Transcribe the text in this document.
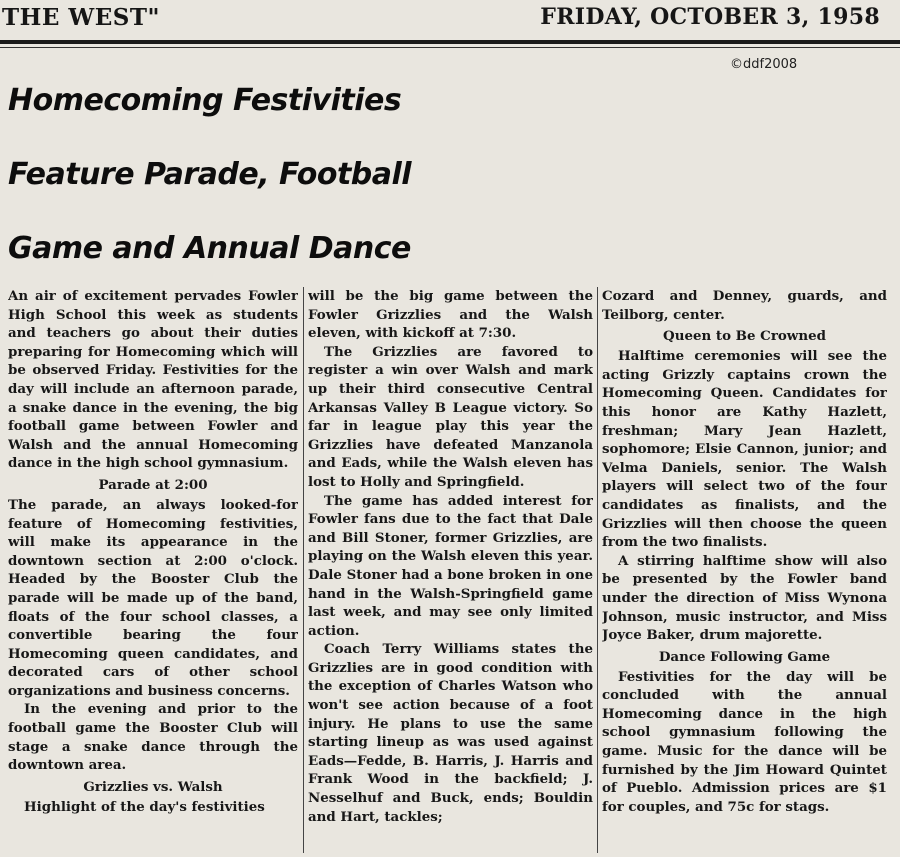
THE WEST"	FRIDAY, OCTOBER 3, 1958
©ddf2008
Homecoming Festivities
Feature Parade, Football
Game and Annual Dance

An air of excitement pervades Fowler High School this week as students and teachers go about their duties preparing for Homecoming which will be observed Friday. Festivities for the day will include an afternoon parade, a snake dance in the evening, the big football game between Fowler and Walsh and the annual Homecoming dance in the high school gymnasium.

Parade at 2:00

The parade, an always looked-for feature of Homecoming festivities, will make its appearance in the downtown section at 2:00 o'clock. Headed by the Booster Club the parade will be made up of the band, floats of the four school classes, a convertible bearing the four Homecoming queen candidates, and decorated cars of other school organizations and business concerns.

In the evening and prior to the football game the Booster Club will stage a snake dance through the downtown area.

Grizzlies vs. Walsh

Highlight of the day's festivities

will be the big game between the Fowler Grizzlies and the Walsh eleven, with kickoff at 7:30.

The Grizzlies are favored to register a win over Walsh and mark up their third consecutive Central Arkansas Valley B League victory. So far in league play this year the Grizzlies have defeated Manzanola and Eads, while the Walsh eleven has lost to Holly and Springfield.

The game has added interest for Fowler fans due to the fact that Dale and Bill Stoner, former Grizzlies, are playing on the Walsh eleven this year. Dale Stoner had a bone broken in one hand in the Walsh-Springfield game last week, and may see only limited action.

Coach Terry Williams states the Grizzlies are in good condition with the exception of Charles Watson who won't see action because of a foot injury. He plans to use the same starting lineup as was used against Eads—Fedde, B. Harris, J. Harris and Frank Wood in the backfield; J. Nesselhuf and Buck, ends; Bouldin and Hart, tackles;

Cozard and Denney, guards, and Teilborg, center.

Queen to Be Crowned

Halftime ceremonies will see the acting Grizzly captains crown the Homecoming Queen. Candidates for this honor are Kathy Hazlett, freshman; Mary Jean Hazlett, sophomore; Elsie Cannon, junior; and Velma Daniels, senior. The Walsh players will select two of the four candidates as finalists, and the Grizzlies will then choose the queen from the two finalists.

A stirring halftime show will also be presented by the Fowler band under the direction of Miss Wynona Johnson, music instructor, and Miss Joyce Baker, drum majorette.

Dance Following Game

Festivities for the day will be concluded with the annual Homecoming dance in the high school gymnasium following the game. Music for the dance will be furnished by the Jim Howard Quintet of Pueblo. Admission prices are $1 for couples, and 75c for stags.
